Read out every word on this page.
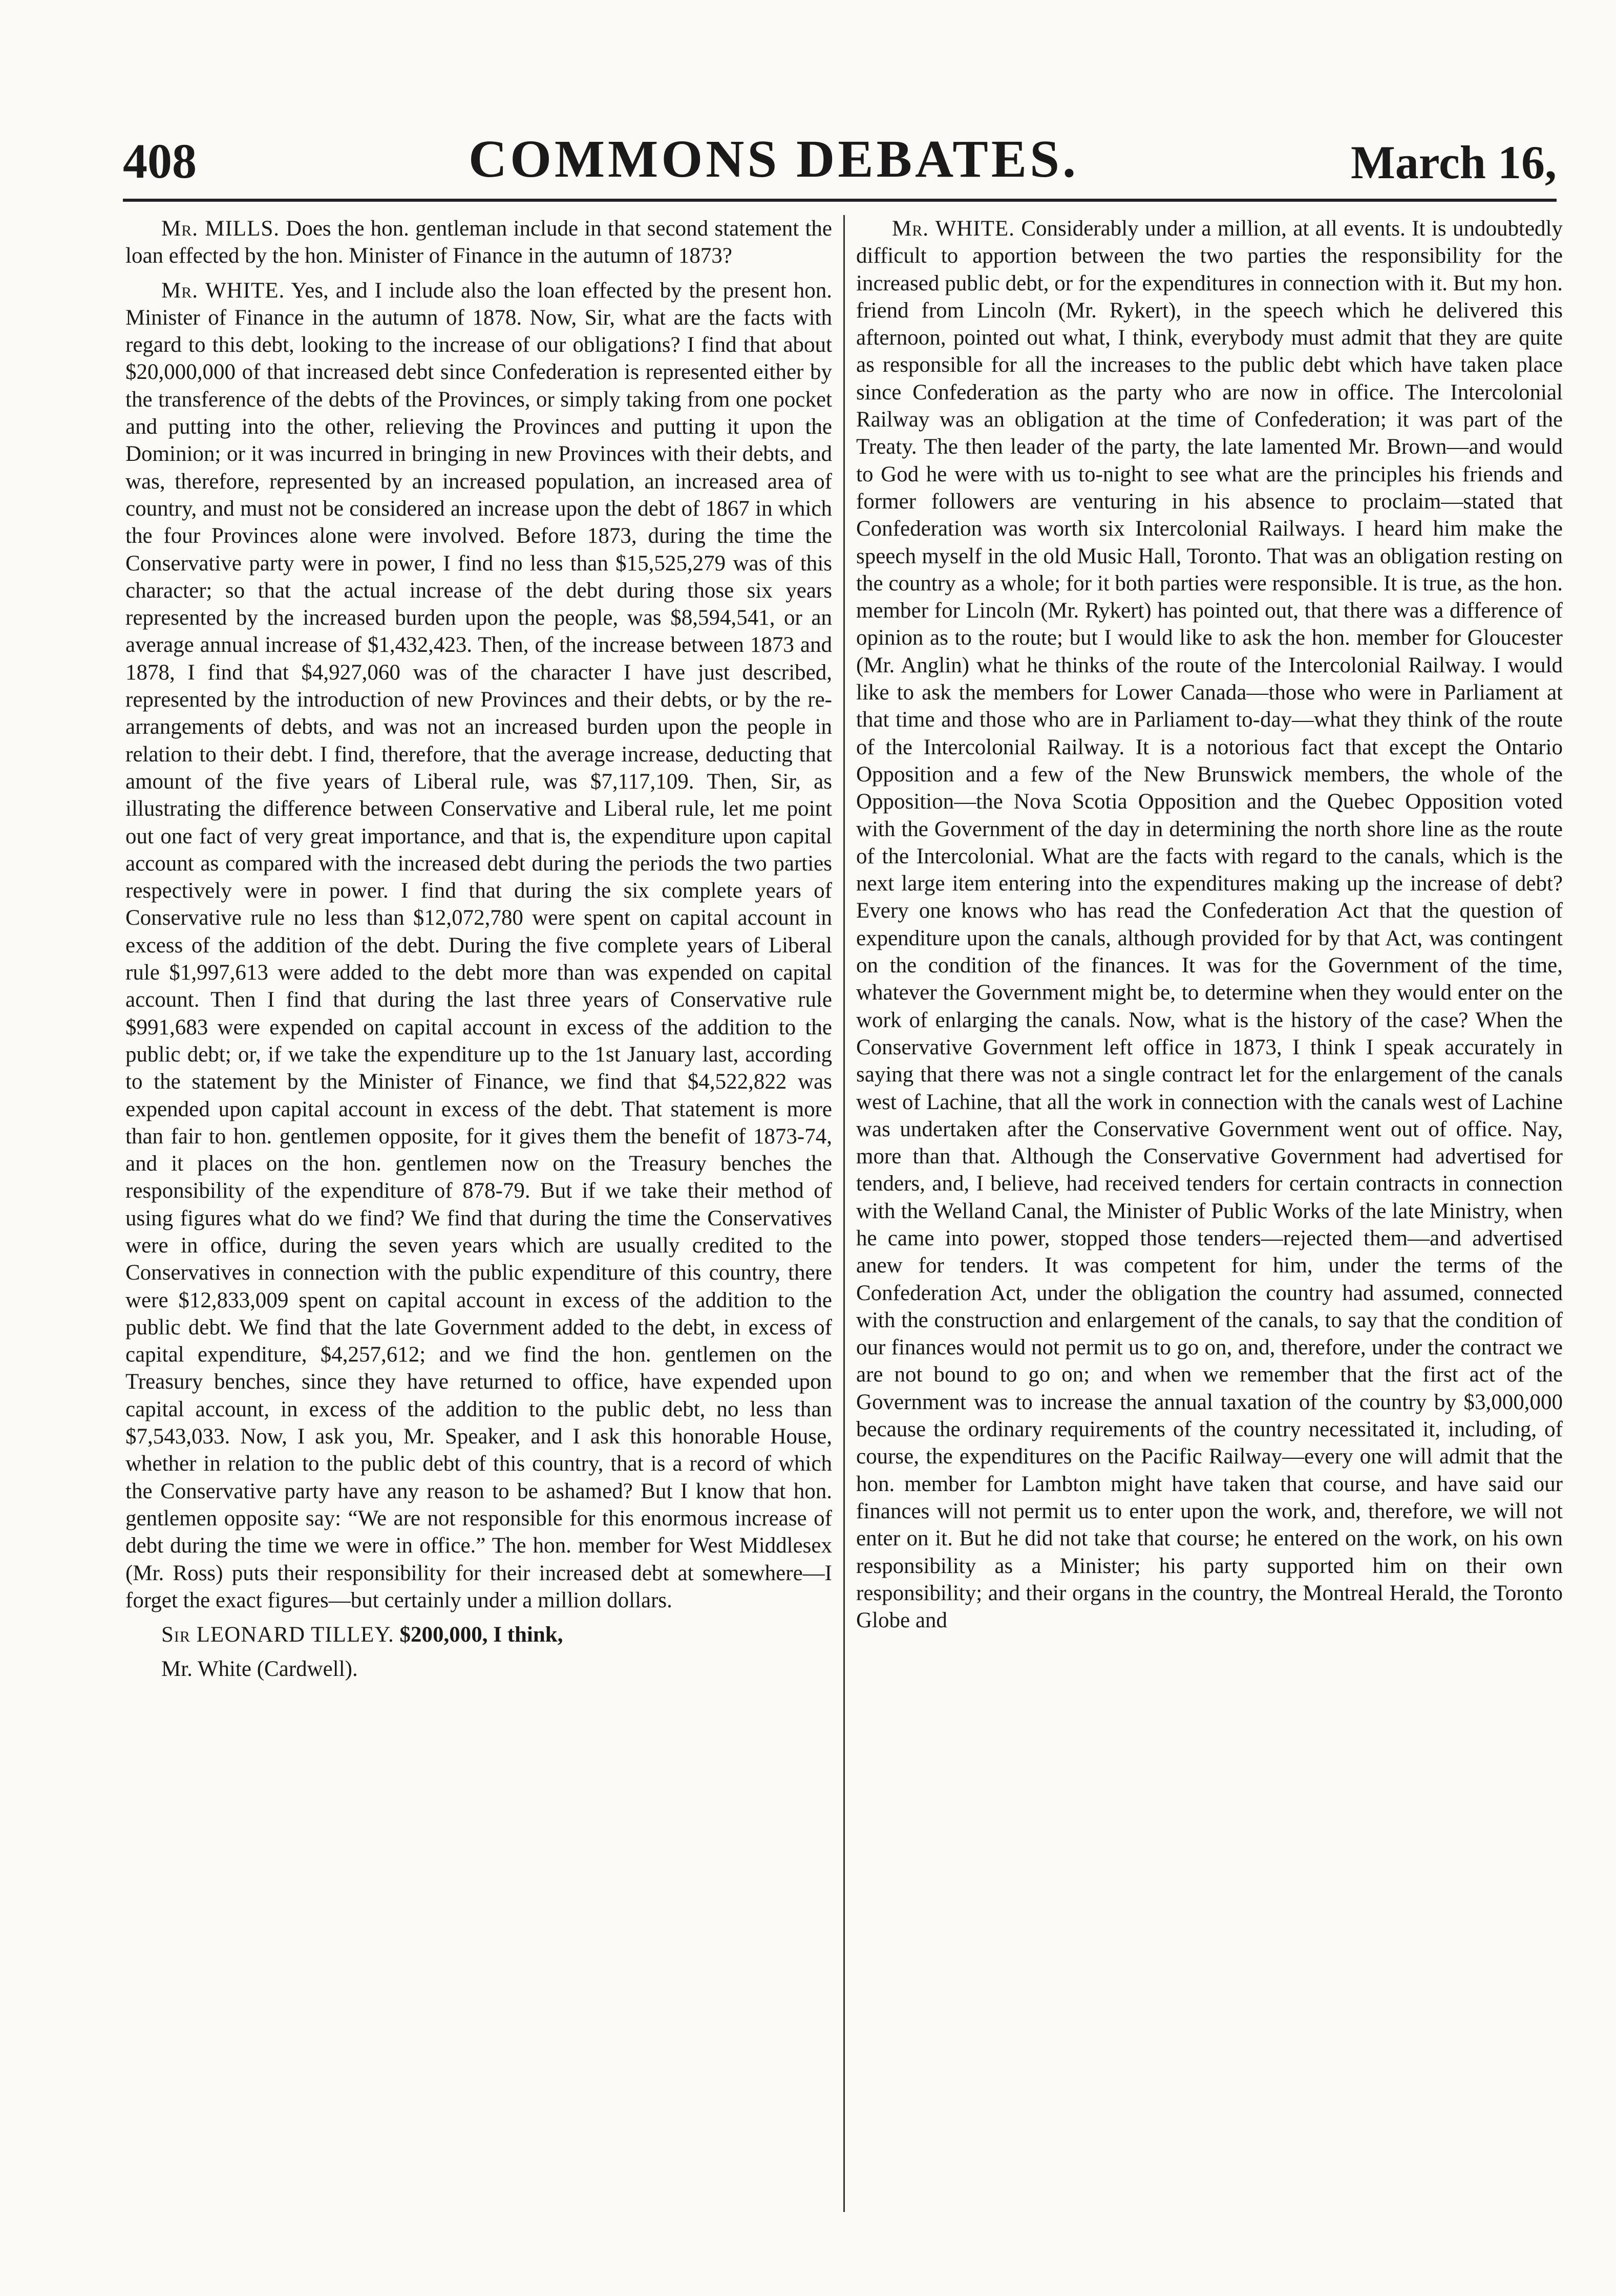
408	COMMONS DEBATES.	March 16,

Mr. MILLS. Does the hon. gentleman include in that second statement the loan effected by the hon. Minister of Finance in the autumn of 1873?

Mr. WHITE. Yes, and I include also the loan effected by the present hon. Minister of Finance in the autumn of 1878. Now, Sir, what are the facts with regard to this debt, looking to the increase of our obligations? I find that about $20,000,000 of that increased debt since Confederation is represented either by the transference of the debts of the Provinces, or simply taking from one pocket and putting into the other, relieving the Provinces and putting it upon the Dominion; or it was incurred in bringing in new Provinces with their debts, and was, therefore, represented by an increased population, an increased area of country, and must not be considered an increase upon the debt of 1867 in which the four Provinces alone were involved. Before 1873, during the time the Conservative party were in power, I find no less than $15,525,279 was of this character; so that the actual increase of the debt during those six years represented by the increased burden upon the people, was $8,594,541, or an average annual increase of $1,432,423. Then, of the increase between 1873 and 1878, I find that $4,927,060 was of the character I have just described, represented by the introduction of new Provinces and their debts, or by the re-arrangements of debts, and was not an increased burden upon the people in relation to their debt. I find, therefore, that the average increase, deducting that amount of the five years of Liberal rule, was $7,117,109. Then, Sir, as illustrating the difference between Conservative and Liberal rule, let me point out one fact of very great importance, and that is, the expenditure upon capital account as compared with the increased debt during the periods the two parties respectively were in power. I find that during the six complete years of Conservative rule no less than $12,072,780 were spent on capital account in excess of the addition of the debt. During the five complete years of Liberal rule $1,997,613 were added to the debt more than was expended on capital account. Then I find that during the last three years of Conservative rule $991,683 were expended on capital account in excess of the addition to the public debt; or, if we take the expenditure up to the 1st January last, according to the statement by the Minister of Finance, we find that $4,522,822 was expended upon capital account in excess of the debt. That statement is more than fair to hon. gentlemen opposite, for it gives them the benefit of 1873-74, and it places on the hon. gentlemen now on the Treasury benches the responsibility of the expenditure of 878-79. But if we take their method of using figures what do we find? We find that during the time the Conservatives were in office, during the seven years which are usually credited to the Conservatives in connection with the public expenditure of this country, there were $12,833,009 spent on capital account in excess of the addition to the public debt. We find that the late Government added to the debt, in excess of capital expenditure, $4,257,612; and we find the hon. gentlemen on the Treasury benches, since they have returned to office, have expended upon capital account, in excess of the addition to the public debt, no less than $7,543,033. Now, I ask you, Mr. Speaker, and I ask this honorable House, whether in relation to the public debt of this country, that is a record of which the Conservative party have any reason to be ashamed? But I know that hon. gentlemen opposite say: “We are not responsible for this enormous increase of debt during the time we were in office.” The hon. member for West Middlesex (Mr. Ross) puts their responsibility for their increased debt at somewhere—I forget the exact figures—but certainly under a million dollars.

Sir LEONARD TILLEY. $200,000, I think,

Mr. White (Cardwell).

Mr. WHITE. Considerably under a million, at all events. It is undoubtedly difficult to apportion between the two parties the responsibility for the increased public debt, or for the expenditures in connection with it. But my hon. friend from Lincoln (Mr. Rykert), in the speech which he delivered this afternoon, pointed out what, I think, everybody must admit that they are quite as responsible for all the increases to the public debt which have taken place since Confederation as the party who are now in office. The Intercolonial Railway was an obligation at the time of Confederation; it was part of the Treaty. The then leader of the party, the late lamented Mr. Brown—and would to God he were with us to-night to see what are the principles his friends and former followers are venturing in his absence to proclaim—stated that Confederation was worth six Intercolonial Railways. I heard him make the speech myself in the old Music Hall, Toronto. That was an obligation resting on the country as a whole; for it both parties were responsible. It is true, as the hon. member for Lincoln (Mr. Rykert) has pointed out, that there was a difference of opinion as to the route; but I would like to ask the hon. member for Gloucester (Mr. Anglin) what he thinks of the route of the Intercolonial Railway. I would like to ask the members for Lower Canada—those who were in Parliament at that time and those who are in Parliament to-day—what they think of the route of the Intercolonial Railway. It is a notorious fact that except the Ontario Opposition and a few of the New Brunswick members, the whole of the Opposition—the Nova Scotia Opposition and the Quebec Opposition voted with the Government of the day in determining the north shore line as the route of the Intercolonial. What are the facts with regard to the canals, which is the next large item entering into the expenditures making up the increase of debt? Every one knows who has read the Confederation Act that the question of expenditure upon the canals, although provided for by that Act, was contingent on the condition of the finances. It was for the Government of the time, whatever the Government might be, to determine when they would enter on the work of enlarging the canals. Now, what is the history of the case? When the Conservative Government left office in 1873, I think I speak accurately in saying that there was not a single contract let for the enlargement of the canals west of Lachine, that all the work in connection with the canals west of Lachine was undertaken after the Conservative Government went out of office. Nay, more than that. Although the Conservative Government had advertised for tenders, and, I believe, had received tenders for certain contracts in connection with the Welland Canal, the Minister of Public Works of the late Ministry, when he came into power, stopped those tenders—rejected them—and advertised anew for tenders. It was competent for him, under the terms of the Confederation Act, under the obligation the country had assumed, connected with the construction and enlargement of the canals, to say that the condition of our finances would not permit us to go on, and, therefore, under the contract we are not bound to go on; and when we remember that the first act of the Government was to increase the annual taxation of the country by $3,000,000 because the ordinary requirements of the country necessitated it, including, of course, the expenditures on the Pacific Railway—every one will admit that the hon. member for Lambton might have taken that course, and have said our finances will not permit us to enter upon the work, and, therefore, we will not enter on it. But he did not take that course; he entered on the work, on his own responsibility as a Minister; his party supported him on their own responsibility; and their organs in the country, the Montreal Herald, the Toronto Globe and
